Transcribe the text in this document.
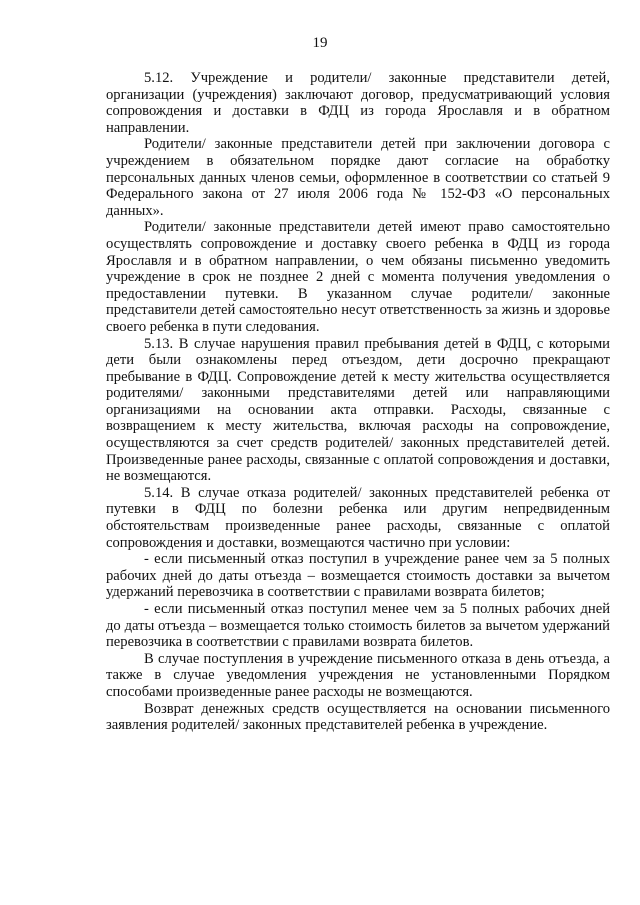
19

5.12. Учреждение и родители/ законные представители детей, организации (учреждения) заключают договор, предусматривающий условия сопровождения и доставки в ФДЦ из города Ярославля и в обратном направлении.

Родители/ законные представители детей при заключении договора с учреждением в обязательном порядке дают согласие на обработку персональных данных членов семьи, оформленное в соответствии со статьей 9 Федерального закона от 27 июля 2006 года № 152-ФЗ «О персональных данных».

Родители/ законные представители детей имеют право самостоятельно осуществлять сопровождение и доставку своего ребенка в ФДЦ из города Ярославля и в обратном направлении, о чем обязаны письменно уведомить учреждение в срок не позднее 2 дней с момента получения уведомления о предоставлении путевки. В указанном случае родители/ законные представители детей самостоятельно несут ответственность за жизнь и здоровье своего ребенка в пути следования.

5.13. В случае нарушения правил пребывания детей в ФДЦ, с которыми дети были ознакомлены перед отъездом, дети досрочно прекращают пребывание в ФДЦ. Сопровождение детей к месту жительства осуществляется родителями/ законными представителями детей или направляющими организациями на основании акта отправки. Расходы, связанные с возвращением к месту жительства, включая расходы на сопровождение, осуществляются за счет средств родителей/ законных представителей детей. Произведенные ранее расходы, связанные с оплатой сопровождения и доставки, не возмещаются.

5.14. В случае отказа родителей/ законных представителей ребенка от путевки в ФДЦ по болезни ребенка или другим непредвиденным обстоятельствам произведенные ранее расходы, связанные с оплатой сопровождения и доставки, возмещаются частично при условии:

- если письменный отказ поступил в учреждение ранее чем за 5 полных рабочих дней до даты отъезда – возмещается стоимость доставки за вычетом удержаний перевозчика в соответствии с правилами возврата билетов;

- если письменный отказ поступил менее чем за 5 полных рабочих дней до даты отъезда – возмещается только стоимость билетов за вычетом удержаний перевозчика в соответствии с правилами возврата билетов.

В случае поступления в учреждение письменного отказа в день отъезда, а также в случае уведомления учреждения не установленными Порядком способами произведенные ранее расходы не возмещаются.

Возврат денежных средств осуществляется на основании письменного заявления родителей/ законных представителей ребенка в учреждение.
